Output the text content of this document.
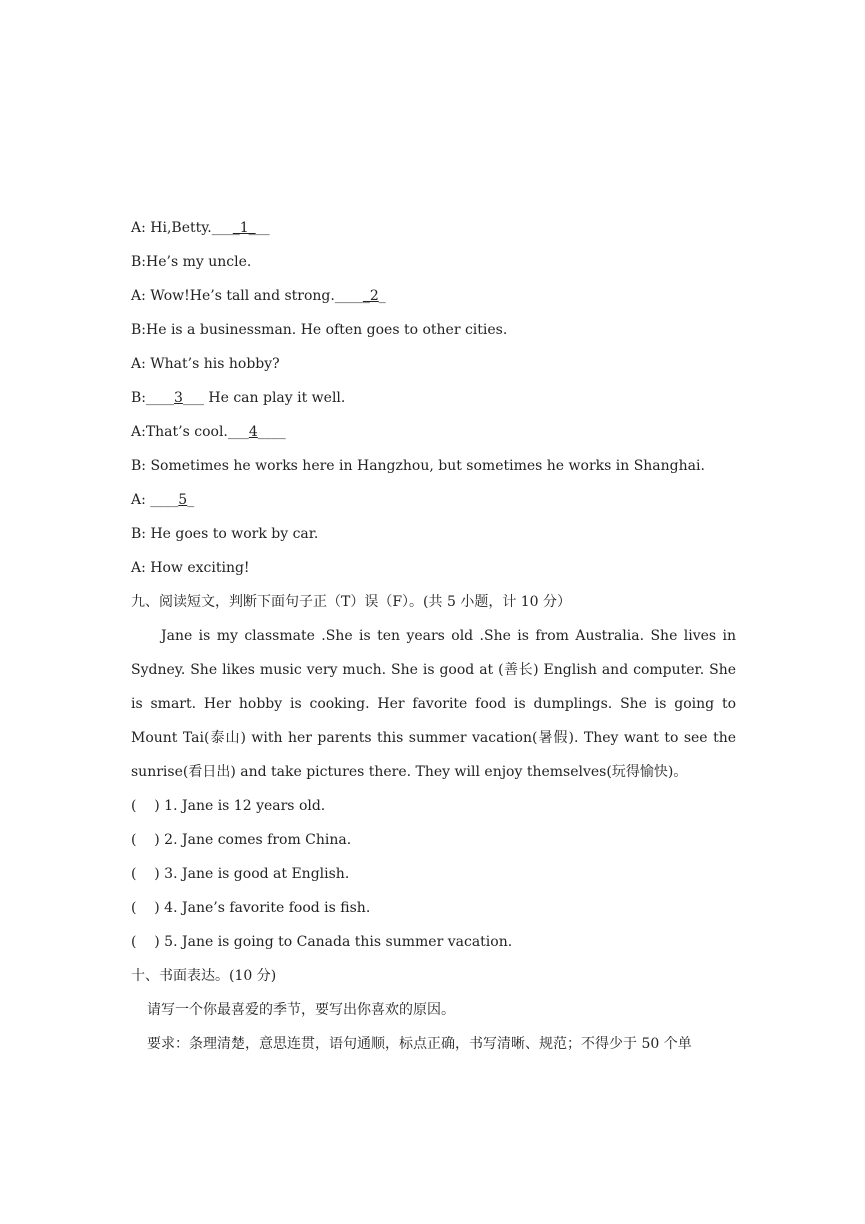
A: Hi,Betty.____1___
B:He’s my uncle.
A: Wow!He’s tall and strong._____2_
B:He is a businessman. He often goes to other cities.
A: What’s his hobby?
B:____3___ He can play it well.
A:That’s cool.___4____
B: Sometimes he works here in Hangzhou, but sometimes he works in Shanghai.
A: ____5_
B: He goes to work by car.
A: How exciting!
九、阅读短文，判断下面句子正（T）误（F）。(共 5 小题，计 10 分）

Jane is my classmate .She is ten years old .She is from Australia. She lives in Sydney. She likes music very much. She is good at (善长) English and computer. She is smart. Her hobby is cooking. Her favorite food is dumplings. She is going to Mount Tai(泰山) with her parents this summer vacation(暑假). They want to see the sunrise(看日出) and take pictures there. They will enjoy themselves(玩得愉快)。

(    ) 1. Jane is 12 years old.
(    ) 2. Jane comes from China.
(    ) 3. Jane is good at English.
(    ) 4. Jane’s favorite food is fish.
(    ) 5. Jane is going to Canada this summer vacation.
十、书面表达。(10 分)
请写一个你最喜爱的季节，要写出你喜欢的原因。
要求：条理清楚，意思连贯，语句通顺，标点正确，书写清晰、规范；不得少于 50 个单
